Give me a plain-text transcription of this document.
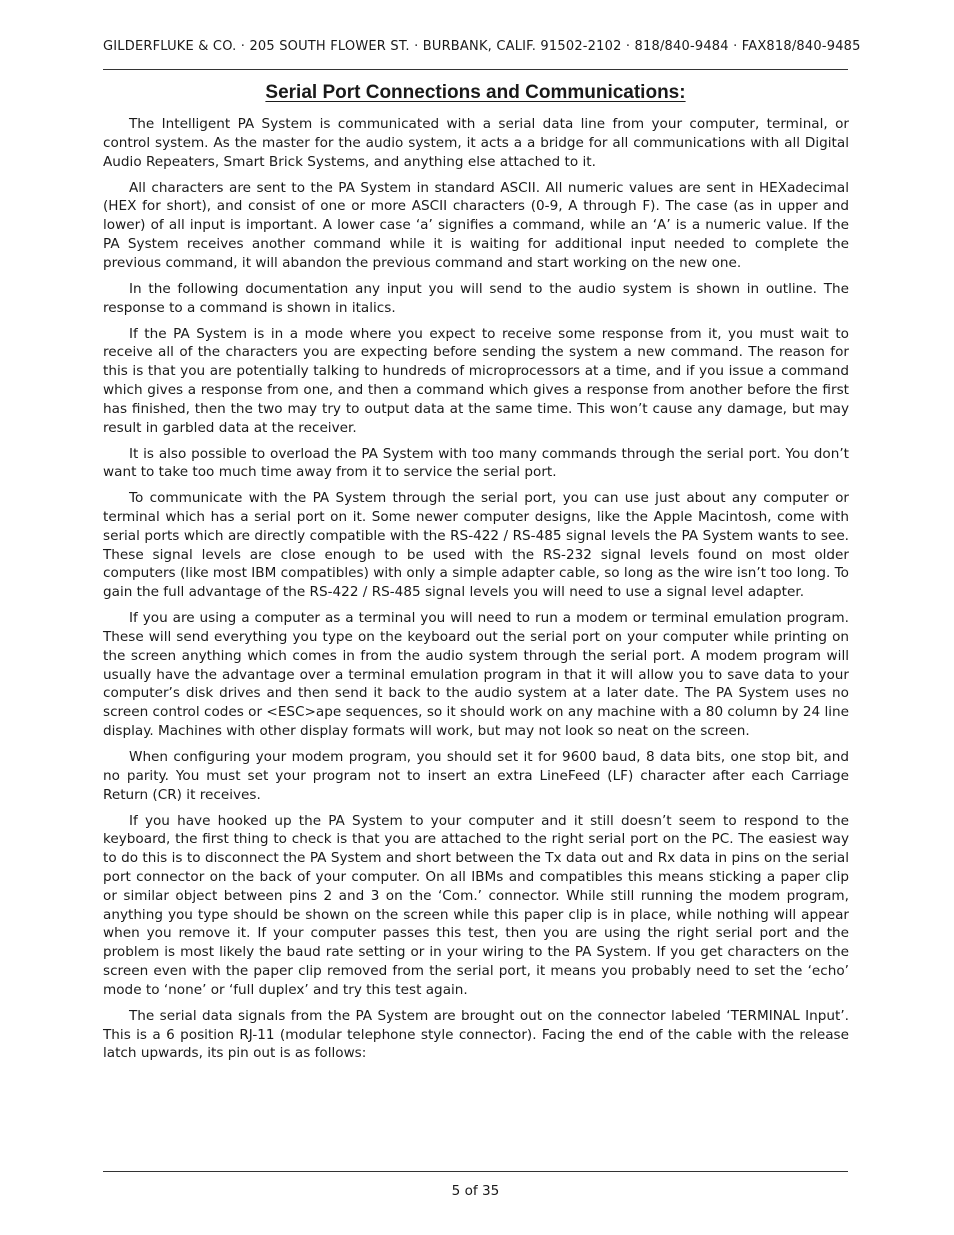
GILDERFLUKE & CO. · 205 SOUTH FLOWER ST. · BURBANK, CALIF. 91502-2102 · 818/840-9484 · FAX818/840-9485
Serial Port Connections and Communications:

The Intelligent PA System is communicated with a serial data line from your computer, terminal, or control system. As the master for the audio system, it acts a a bridge for all communications with all Digital Audio Repeaters, Smart Brick Systems, and anything else attached to it.

All characters are sent to the PA System in standard ASCII. All numeric values are sent in HEXadecimal (HEX for short), and consist of one or more ASCII characters (0-9, A through F). The case (as in upper and lower) of all input is important. A lower case ‘a’ signifies a command, while an ‘A’ is a numeric value. If the PA System receives another command while it is waiting for additional input needed to complete the previous command, it will abandon the previous command and start working on the new one.

In the following documentation any input you will send to the audio system is shown in outline. The response to a command is shown in italics.

If the PA System is in a mode where you expect to receive some response from it, you must wait to receive all of the characters you are expecting before sending the system a new command. The reason for this is that you are potentially talking to hundreds of microprocessors at a time, and if you issue a command which gives a response from one, and then a command which gives a response from another before the first has finished, then the two may try to output data at the same time. This won’t cause any damage, but may result in garbled data at the receiver.

It is also possible to overload the PA System with too many commands through the serial port. You don’t want to take too much time away from it to service the serial port.

To communicate with the PA System through the serial port, you can use just about any computer or terminal which has a serial port on it. Some newer computer designs, like the Apple Macintosh, come with serial ports which are directly compatible with the RS-422 / RS-485 signal levels the PA System wants to see. These signal levels are close enough to be used with the RS-232 signal levels found on most older computers (like most IBM compatibles) with only a simple adapter cable, so long as the wire isn’t too long. To gain the full advantage of the RS-422 / RS-485 signal levels you will need to use a signal level adapter.

If you are using a computer as a terminal you will need to run a modem or terminal emulation program. These will send everything you type on the keyboard out the serial port on your computer while printing on the screen anything which comes in from the audio system through the serial port. A modem program will usually have the advantage over a terminal emulation program in that it will allow you to save data to your computer’s disk drives and then send it back to the audio system at a later date. The PA System uses no screen control codes or <ESC>ape sequences, so it should work on any machine with a 80 column by 24 line display. Machines with other display formats will work, but may not look so neat on the screen.

When configuring your modem program, you should set it for 9600 baud, 8 data bits, one stop bit, and no parity. You must set your program not to insert an extra LineFeed (LF) character after each Carriage Return (CR) it receives.

If you have hooked up the PA System to your computer and it still doesn’t seem to respond to the keyboard, the first thing to check is that you are attached to the right serial port on the PC. The easiest way to do this is to disconnect the PA System and short between the Tx data out and Rx data in pins on the serial port connector on the back of your computer. On all IBMs and compatibles this means sticking a paper clip or similar object between pins 2 and 3 on the ‘Com.’ connector. While still running the modem program, anything you type should be shown on the screen while this paper clip is in place, while nothing will appear when you remove it. If your computer passes this test, then you are using the right serial port and the problem is most likely the baud rate setting or in your wiring to the PA System. If you get characters on the screen even with the paper clip removed from the serial port, it means you probably need to set the ‘echo’ mode to ‘none’ or ‘full duplex’ and try this test again.

The serial data signals from the PA System are brought out on the connector labeled ‘TERMINAL Input’. This is a 6 position RJ-11 (modular telephone style connector). Facing the end of the cable with the release latch upwards, its pin out is as follows:

5 of 35
